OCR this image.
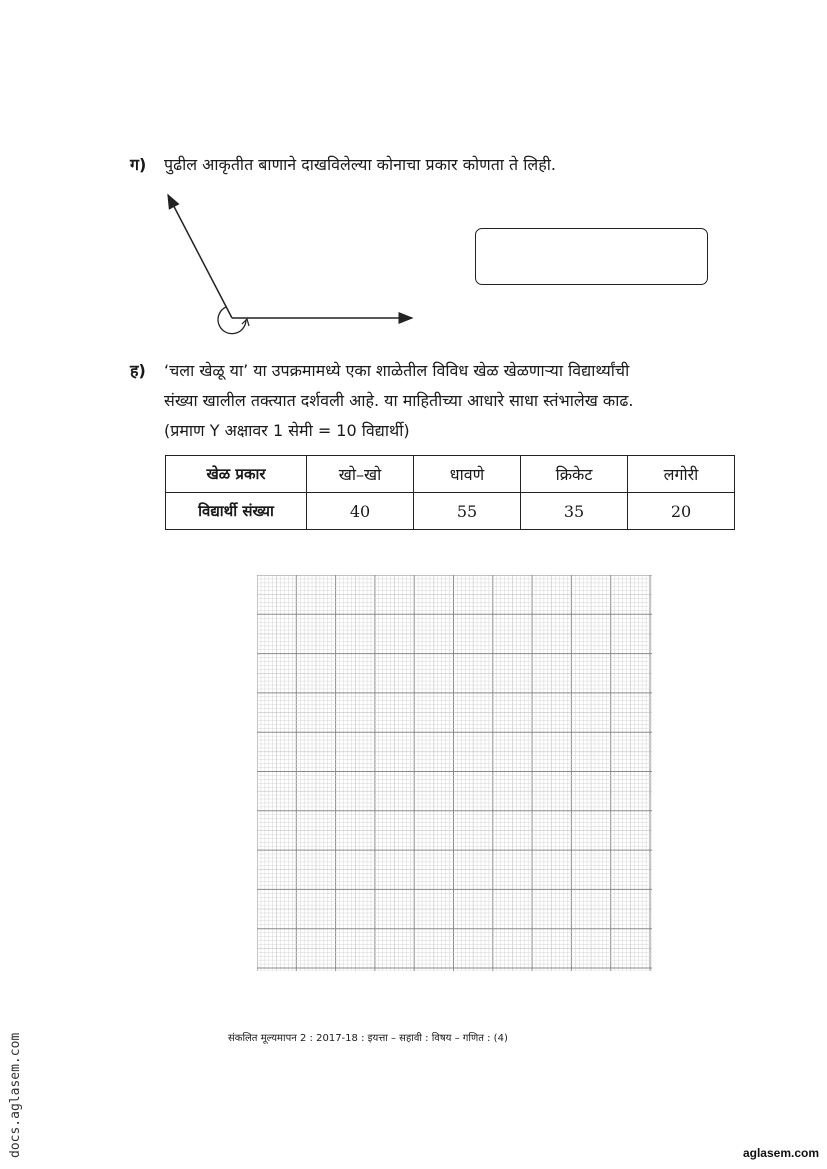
ग) पुढील आकृतीत बाणाने दाखविलेल्या कोनाचा प्रकार कोणता ते लिही.
ह) ‘चला खेळू या’ या उपक्रमामध्ये एका शाळेतील विविध खेळ खेळणाऱ्या विद्यार्थ्यांची
संख्या खालील तक्त्यात दर्शवली आहे. या माहितीच्या आधारे साधा स्तंभालेख काढ.
(प्रमाण Y अक्षावर 1 सेमी = 10 विद्यार्थी)
खेळ प्रकार	खो–खो	धावणे	क्रिकेट	लगोरी
विद्यार्थी संख्या	40	55	35	20
संकलित मूल्यमापन 2 : 2017-18 : इयत्ता – सहावी : विषय – गणित : (4)
docs.aglasem.com	aglasem.com
